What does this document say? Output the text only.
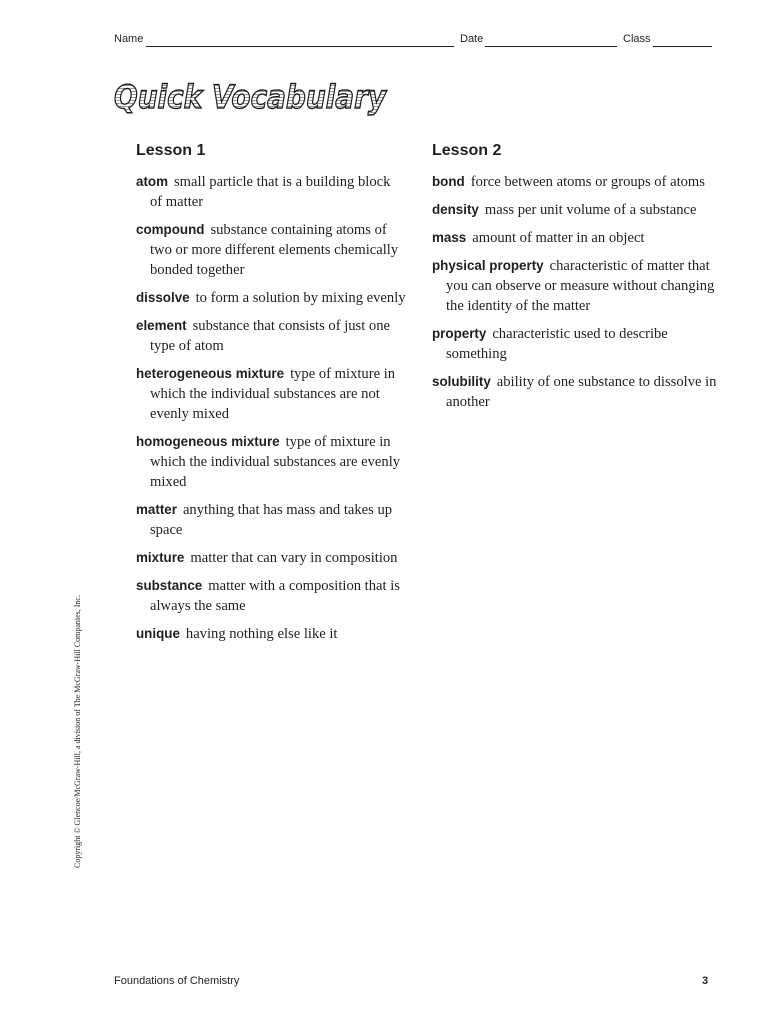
Name	Date	Class
Quick Vocabulary
Lesson 1
atom small particle that is a building block of matter
compound substance containing atoms of two or more different elements chemically bonded together
dissolve to form a solution by mixing evenly
element substance that consists of just one type of atom
heterogeneous mixture type of mixture in which the individual substances are not evenly mixed
homogeneous mixture type of mixture in which the individual substances are evenly mixed
matter anything that has mass and takes up space
mixture matter that can vary in composition
substance matter with a composition that is always the same
unique having nothing else like it
Lesson 2
bond force between atoms or groups of atoms
density mass per unit volume of a substance
mass amount of matter in an object
physical property characteristic of matter that you can observe or measure without changing the identity of the matter
property characteristic used to describe something
solubility ability of one substance to dissolve in another
Copyright © Glencoe/McGraw-Hill, a division of The McGraw-Hill Companies, Inc.
Foundations of Chemistry	3
